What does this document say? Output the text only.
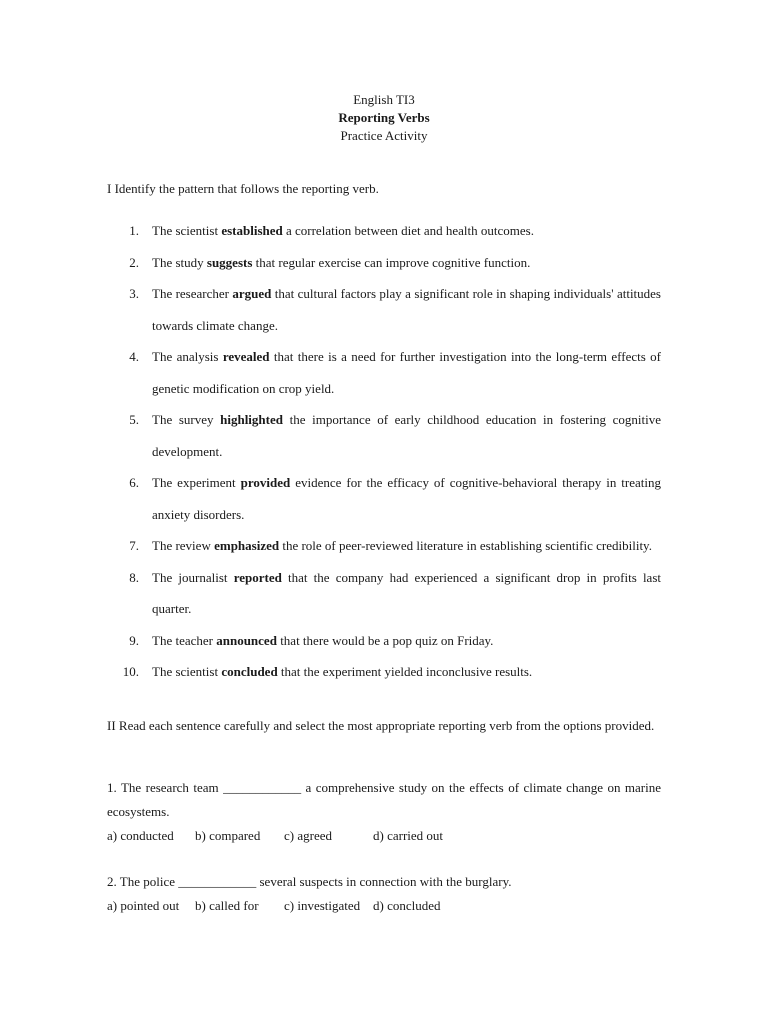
English TI3
Reporting Verbs
Practice Activity
I Identify the pattern that follows the reporting verb.
1. The scientist established a correlation between diet and health outcomes.
2. The study suggests that regular exercise can improve cognitive function.
3. The researcher argued that cultural factors play a significant role in shaping individuals' attitudes towards climate change.
4. The analysis revealed that there is a need for further investigation into the long-term effects of genetic modification on crop yield.
5. The survey highlighted the importance of early childhood education in fostering cognitive development.
6. The experiment provided evidence for the efficacy of cognitive-behavioral therapy in treating anxiety disorders.
7. The review emphasized the role of peer-reviewed literature in establishing scientific credibility.
8. The journalist reported that the company had experienced a significant drop in profits last quarter.
9. The teacher announced that there would be a pop quiz on Friday.
10. The scientist concluded that the experiment yielded inconclusive results.
II Read each sentence carefully and select the most appropriate reporting verb from the options provided.
1. The research team ____________ a comprehensive study on the effects of climate change on marine ecosystems.
a) conducted b) compared c) agreed	d) carried out
2. The police ____________ several suspects in connection with the burglary.
a) pointed out b) called for c) investigated d) concluded
